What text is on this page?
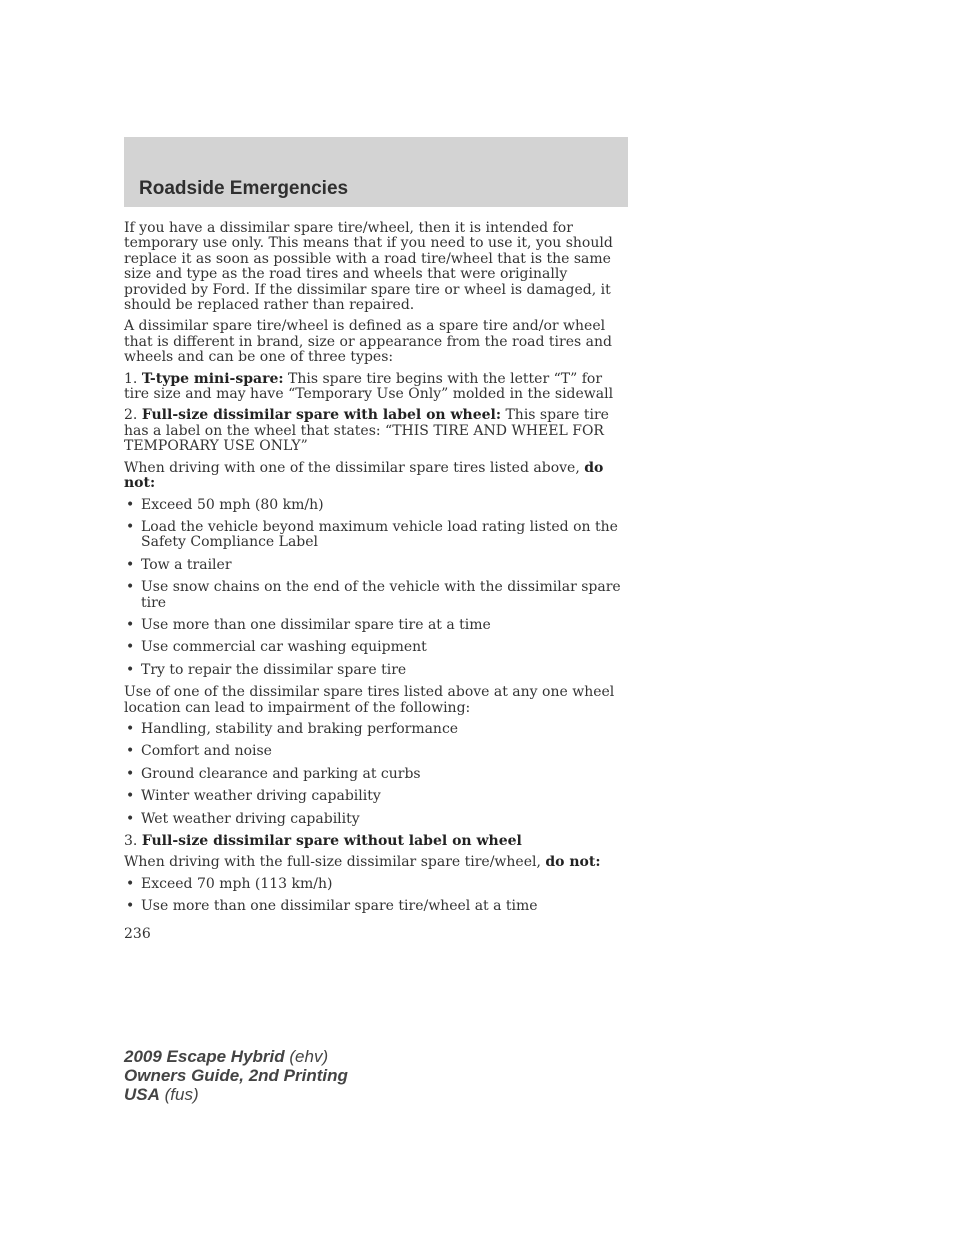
Roadside Emergencies

If you have a dissimilar spare tire/wheel, then it is intended for temporary use only. This means that if you need to use it, you should replace it as soon as possible with a road tire/wheel that is the same size and type as the road tires and wheels that were originally provided by Ford. If the dissimilar spare tire or wheel is damaged, it should be replaced rather than repaired.

A dissimilar spare tire/wheel is defined as a spare tire and/or wheel that is different in brand, size or appearance from the road tires and wheels and can be one of three types:

1. T-type mini-spare: This spare tire begins with the letter “T” for tire size and may have “Temporary Use Only” molded in the sidewall

2. Full-size dissimilar spare with label on wheel: This spare tire has a label on the wheel that states: “THIS TIRE AND WHEEL FOR TEMPORARY USE ONLY”

When driving with one of the dissimilar spare tires listed above, do not:

• Exceed 50 mph (80 km/h)
• Load the vehicle beyond maximum vehicle load rating listed on the Safety Compliance Label
• Tow a trailer
• Use snow chains on the end of the vehicle with the dissimilar spare tire
• Use more than one dissimilar spare tire at a time
• Use commercial car washing equipment
• Try to repair the dissimilar spare tire

Use of one of the dissimilar spare tires listed above at any one wheel location can lead to impairment of the following:

• Handling, stability and braking performance
• Comfort and noise
• Ground clearance and parking at curbs
• Winter weather driving capability
• Wet weather driving capability

3. Full-size dissimilar spare without label on wheel

When driving with the full-size dissimilar spare tire/wheel, do not:

• Exceed 70 mph (113 km/h)
• Use more than one dissimilar spare tire/wheel at a time
236
2009 Escape Hybrid (ehv)
Owners Guide, 2nd Printing
USA (fus)
